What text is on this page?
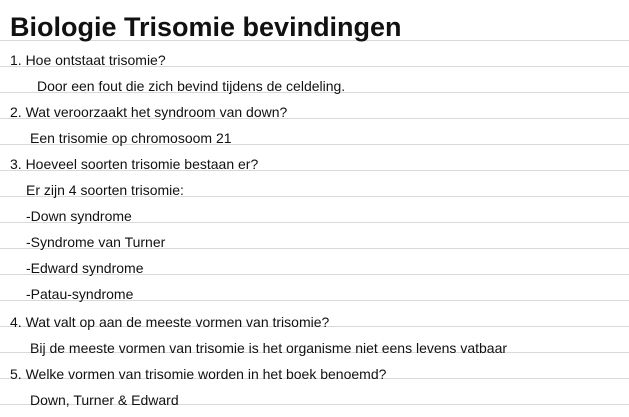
Biologie Trisomie bevindingen
1. Hoe ontstaat trisomie?
Door een fout die zich bevind tijdens de celdeling.
2. Wat veroorzaakt het syndroom van down?
Een trisomie op chromosoom 21
3. Hoeveel soorten trisomie bestaan er?
Er zijn 4 soorten trisomie:
-Down syndrome
-Syndrome van Turner
-Edward syndrome
-Patau-syndrome
4. Wat valt op aan de meeste vormen van trisomie?
Bij de meeste vormen van trisomie is het organisme niet eens levens vatbaar
5. Welke vormen van trisomie worden in het boek benoemd?
Down, Turner & Edward
